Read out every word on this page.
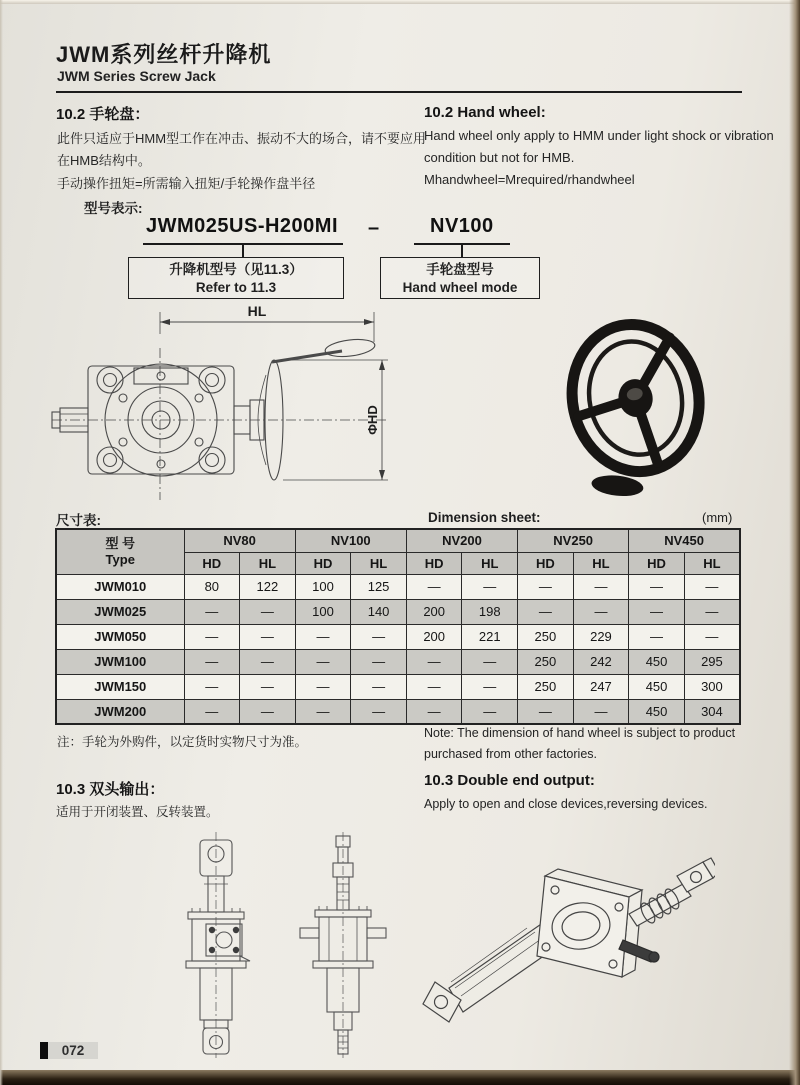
JWM系列丝杆升降机
JWM Series Screw Jack
10.2 手轮盘：
此件只适应于HMM型工作在冲击、振动不大的场合，请不要应用
在HMB结构中。
手动操作扭矩=所需输入扭矩/手轮操作盘半径
10.2 Hand wheel:
Hand wheel only apply to HMM under light shock or vibration
condition but not for HMB.
Mhandwheel=Mrequired/rhandwheel
型号表示:
JWM025US-H200MI –	NV100
升降机型号（见11.3）
Refer to 11.3
手轮盘型号
Hand wheel mode
HL
ΦHD
尺寸表:	Dimension sheet:	(mm)
型 号
Type	NV80		NV100		NV200		NV250		NV450	
	HD	HL	HD	HL	HD	HL	HD	HL	HD	HL
JWM010	80	122	100	125	—	—	—	—	—	—
JWM025	—	—	100	140	200	198	—	—	—	—
JWM050	—	—	—	—	200	221	250	229	—	—
JWM100	—	—	—	—	—	—	250	242	450	295
JWM150	—	—	—	—	—	—	250	247	450	300
JWM200	—	—	—	—	—	—	—	—	450	304
注：手轮为外购件，以定货时实物尺寸为准。
Note: The dimension of hand wheel is subject to product
purchased from other factories.
10.3 双头输出：
适用于开闭装置、反转装置。
10.3 Double end output:
Apply to open and close devices,reversing devices.
072
